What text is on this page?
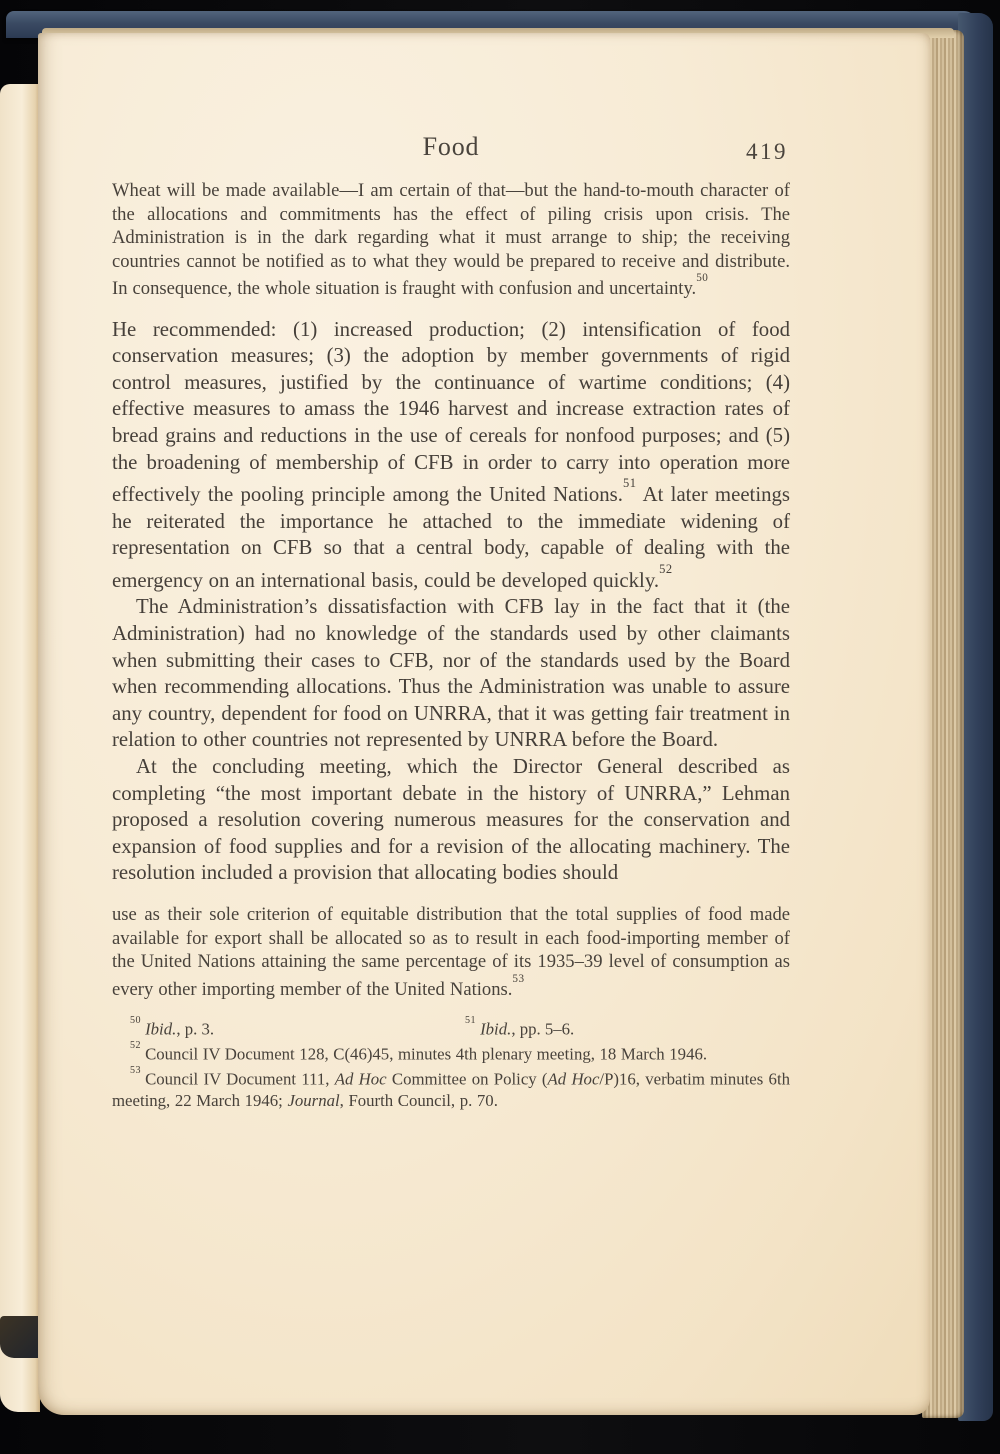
Food	419

Wheat will be made available—I am certain of that—but the hand-to-mouth character of the allocations and commitments has the effect of piling crisis upon crisis. The Administration is in the dark regarding what it must arrange to ship; the receiving countries cannot be notified as to what they would be prepared to receive and distribute. In consequence, the whole situation is fraught with confusion and uncertainty.$^{50}$

He recommended: (1) increased production; (2) intensification of food conservation measures; (3) the adoption by member governments of rigid control measures, justified by the continuance of wartime conditions; (4) effective measures to amass the 1946 harvest and increase extraction rates of bread grains and reductions in the use of cereals for nonfood purposes; and (5) the broadening of membership of CFB in order to carry into operation more effectively the pooling principle among the United Nations.$^{51}$ At later meetings he reiterated the importance he attached to the immediate widening of representation on CFB so that a central body, capable of dealing with the emergency on an international basis, could be developed quickly.$^{52}$

The Administration’s dissatisfaction with CFB lay in the fact that it (the Administration) had no knowledge of the standards used by other claimants when submitting their cases to CFB, nor of the standards used by the Board when recommending allocations. Thus the Administration was unable to assure any country, dependent for food on UNRRA, that it was getting fair treatment in relation to other countries not represented by UNRRA before the Board.

At the concluding meeting, which the Director General described as completing “the most important debate in the history of UNRRA,” Lehman proposed a resolution covering numerous measures for the conservation and expansion of food supplies and for a revision of the allocating machinery. The resolution included a provision that allocating bodies should

use as their sole criterion of equitable distribution that the total supplies of food made available for export shall be allocated so as to result in each food-importing member of the United Nations attaining the same percentage of its 1935–39 level of consumption as every other importing member of the United Nations.$^{53}$

$^{50}$ Ibid., p. 3.	$^{51}$ Ibid., pp. 5–6.

$^{52}$ Council IV Document 128, C(46)45, minutes 4th plenary meeting, 18 March 1946.

$^{53}$ Council IV Document 111, Ad Hoc Committee on Policy (Ad Hoc/P)16, verbatim minutes 6th meeting, 22 March 1946; Journal, Fourth Council, p. 70.
